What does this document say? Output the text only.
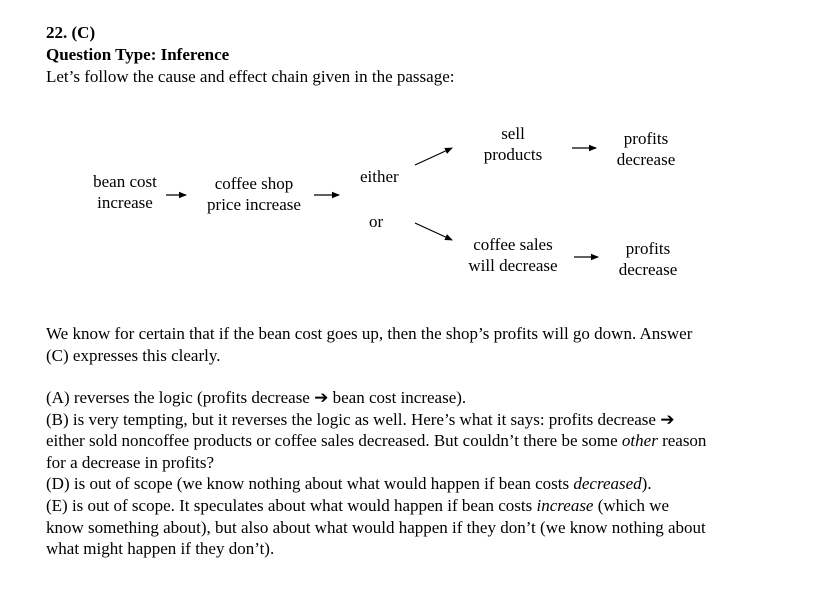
22. (C)
Question Type: Inference
Let’s follow the cause and effect chain given in the passage:
bean cost
increase
coffee shop
price increase
either
or
sell
products
profits
decrease
coffee sales
will decrease
profits
decrease

We know for certain that if the bean cost goes up, then the shop’s profits will go down. Answer

(C) expresses this clearly.

(A) reverses the logic (profits decrease ➔ bean cost increase).

(B) is very tempting, but it reverses the logic as well. Here’s what it says: profits decrease ➔

either sold noncoffee products or coffee sales decreased. But couldn’t there be some other reason

for a decrease in profits?

(D) is out of scope (we know nothing about what would happen if bean costs decreased).

(E) is out of scope. It speculates about what would happen if bean costs increase (which we

know something about), but also about what would happen if they don’t (we know nothing about

what might happen if they don’t).
